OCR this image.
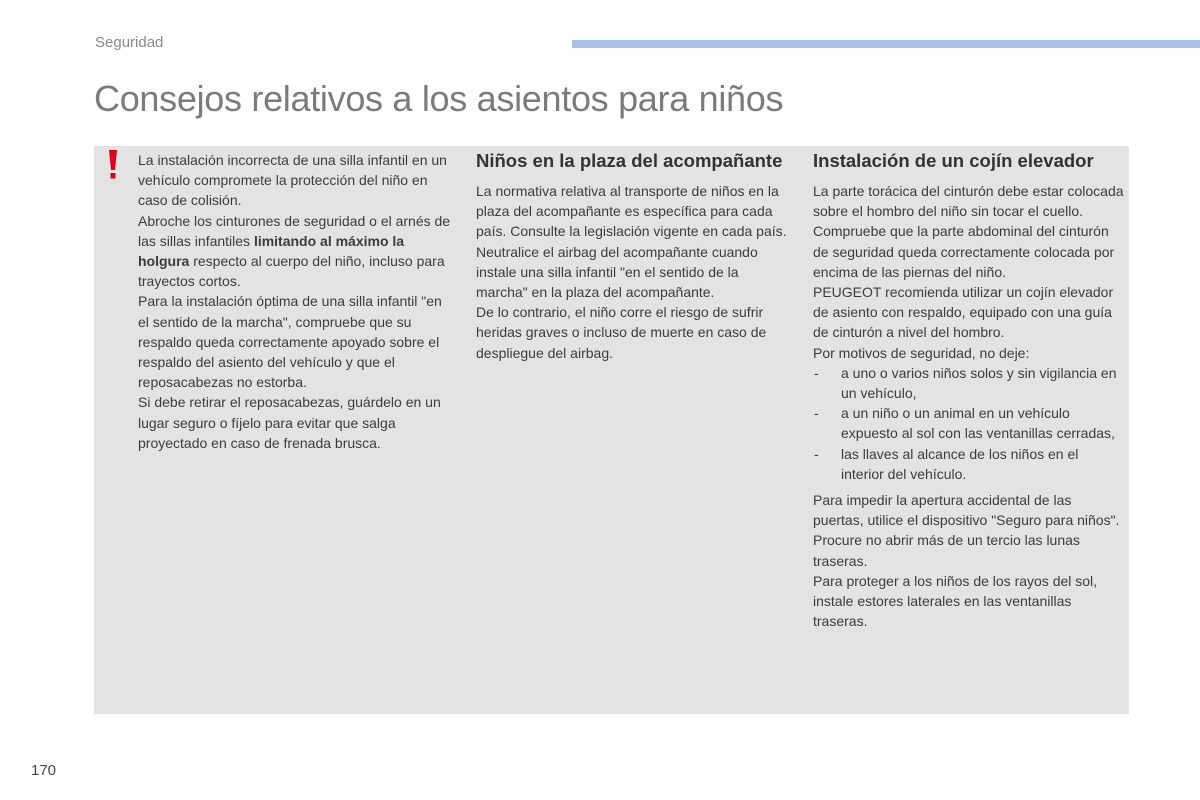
Seguridad
Consejos relativos a los asientos para niños

La instalación incorrecta de una silla infantil en un vehículo compromete la protección del niño en caso de colisión.

Abroche los cinturones de seguridad o el arnés de las sillas infantiles limitando al máximo la holgura respecto al cuerpo del niño, incluso para trayectos cortos.

Para la instalación óptima de una silla infantil "en el sentido de la marcha", compruebe que su respaldo queda correctamente apoyado sobre el respaldo del asiento del vehículo y que el reposacabezas no estorba.

Si debe retirar el reposacabezas, guárdelo en un lugar seguro o fíjelo para evitar que salga proyectado en caso de frenada brusca.

Niños en la plaza del acompañante

La normativa relativa al transporte de niños en la plaza del acompañante es específica para cada país. Consulte la legislación vigente en cada país.

Neutralice el airbag del acompañante cuando instale una silla infantil "en el sentido de la marcha" en la plaza del acompañante.

De lo contrario, el niño corre el riesgo de sufrir heridas graves o incluso de muerte en caso de despliegue del airbag.

Instalación de un cojín elevador

La parte torácica del cinturón debe estar colocada sobre el hombro del niño sin tocar el cuello.

Compruebe que la parte abdominal del cinturón de seguridad queda correctamente colocada por encima de las piernas del niño.

PEUGEOT recomienda utilizar un cojín elevador de asiento con respaldo, equipado con una guía de cinturón a nivel del hombro.

Por motivos de seguridad, no deje:

- a uno o varios niños solos y sin vigilancia en un vehículo,
- a un niño o un animal en un vehículo expuesto al sol con las ventanillas cerradas,
- las llaves al alcance de los niños en el interior del vehículo.

Para impedir la apertura accidental de las puertas, utilice el dispositivo "Seguro para niños".

Procure no abrir más de un tercio las lunas traseras.

Para proteger a los niños de los rayos del sol, instale estores laterales en las ventanillas traseras.

170
